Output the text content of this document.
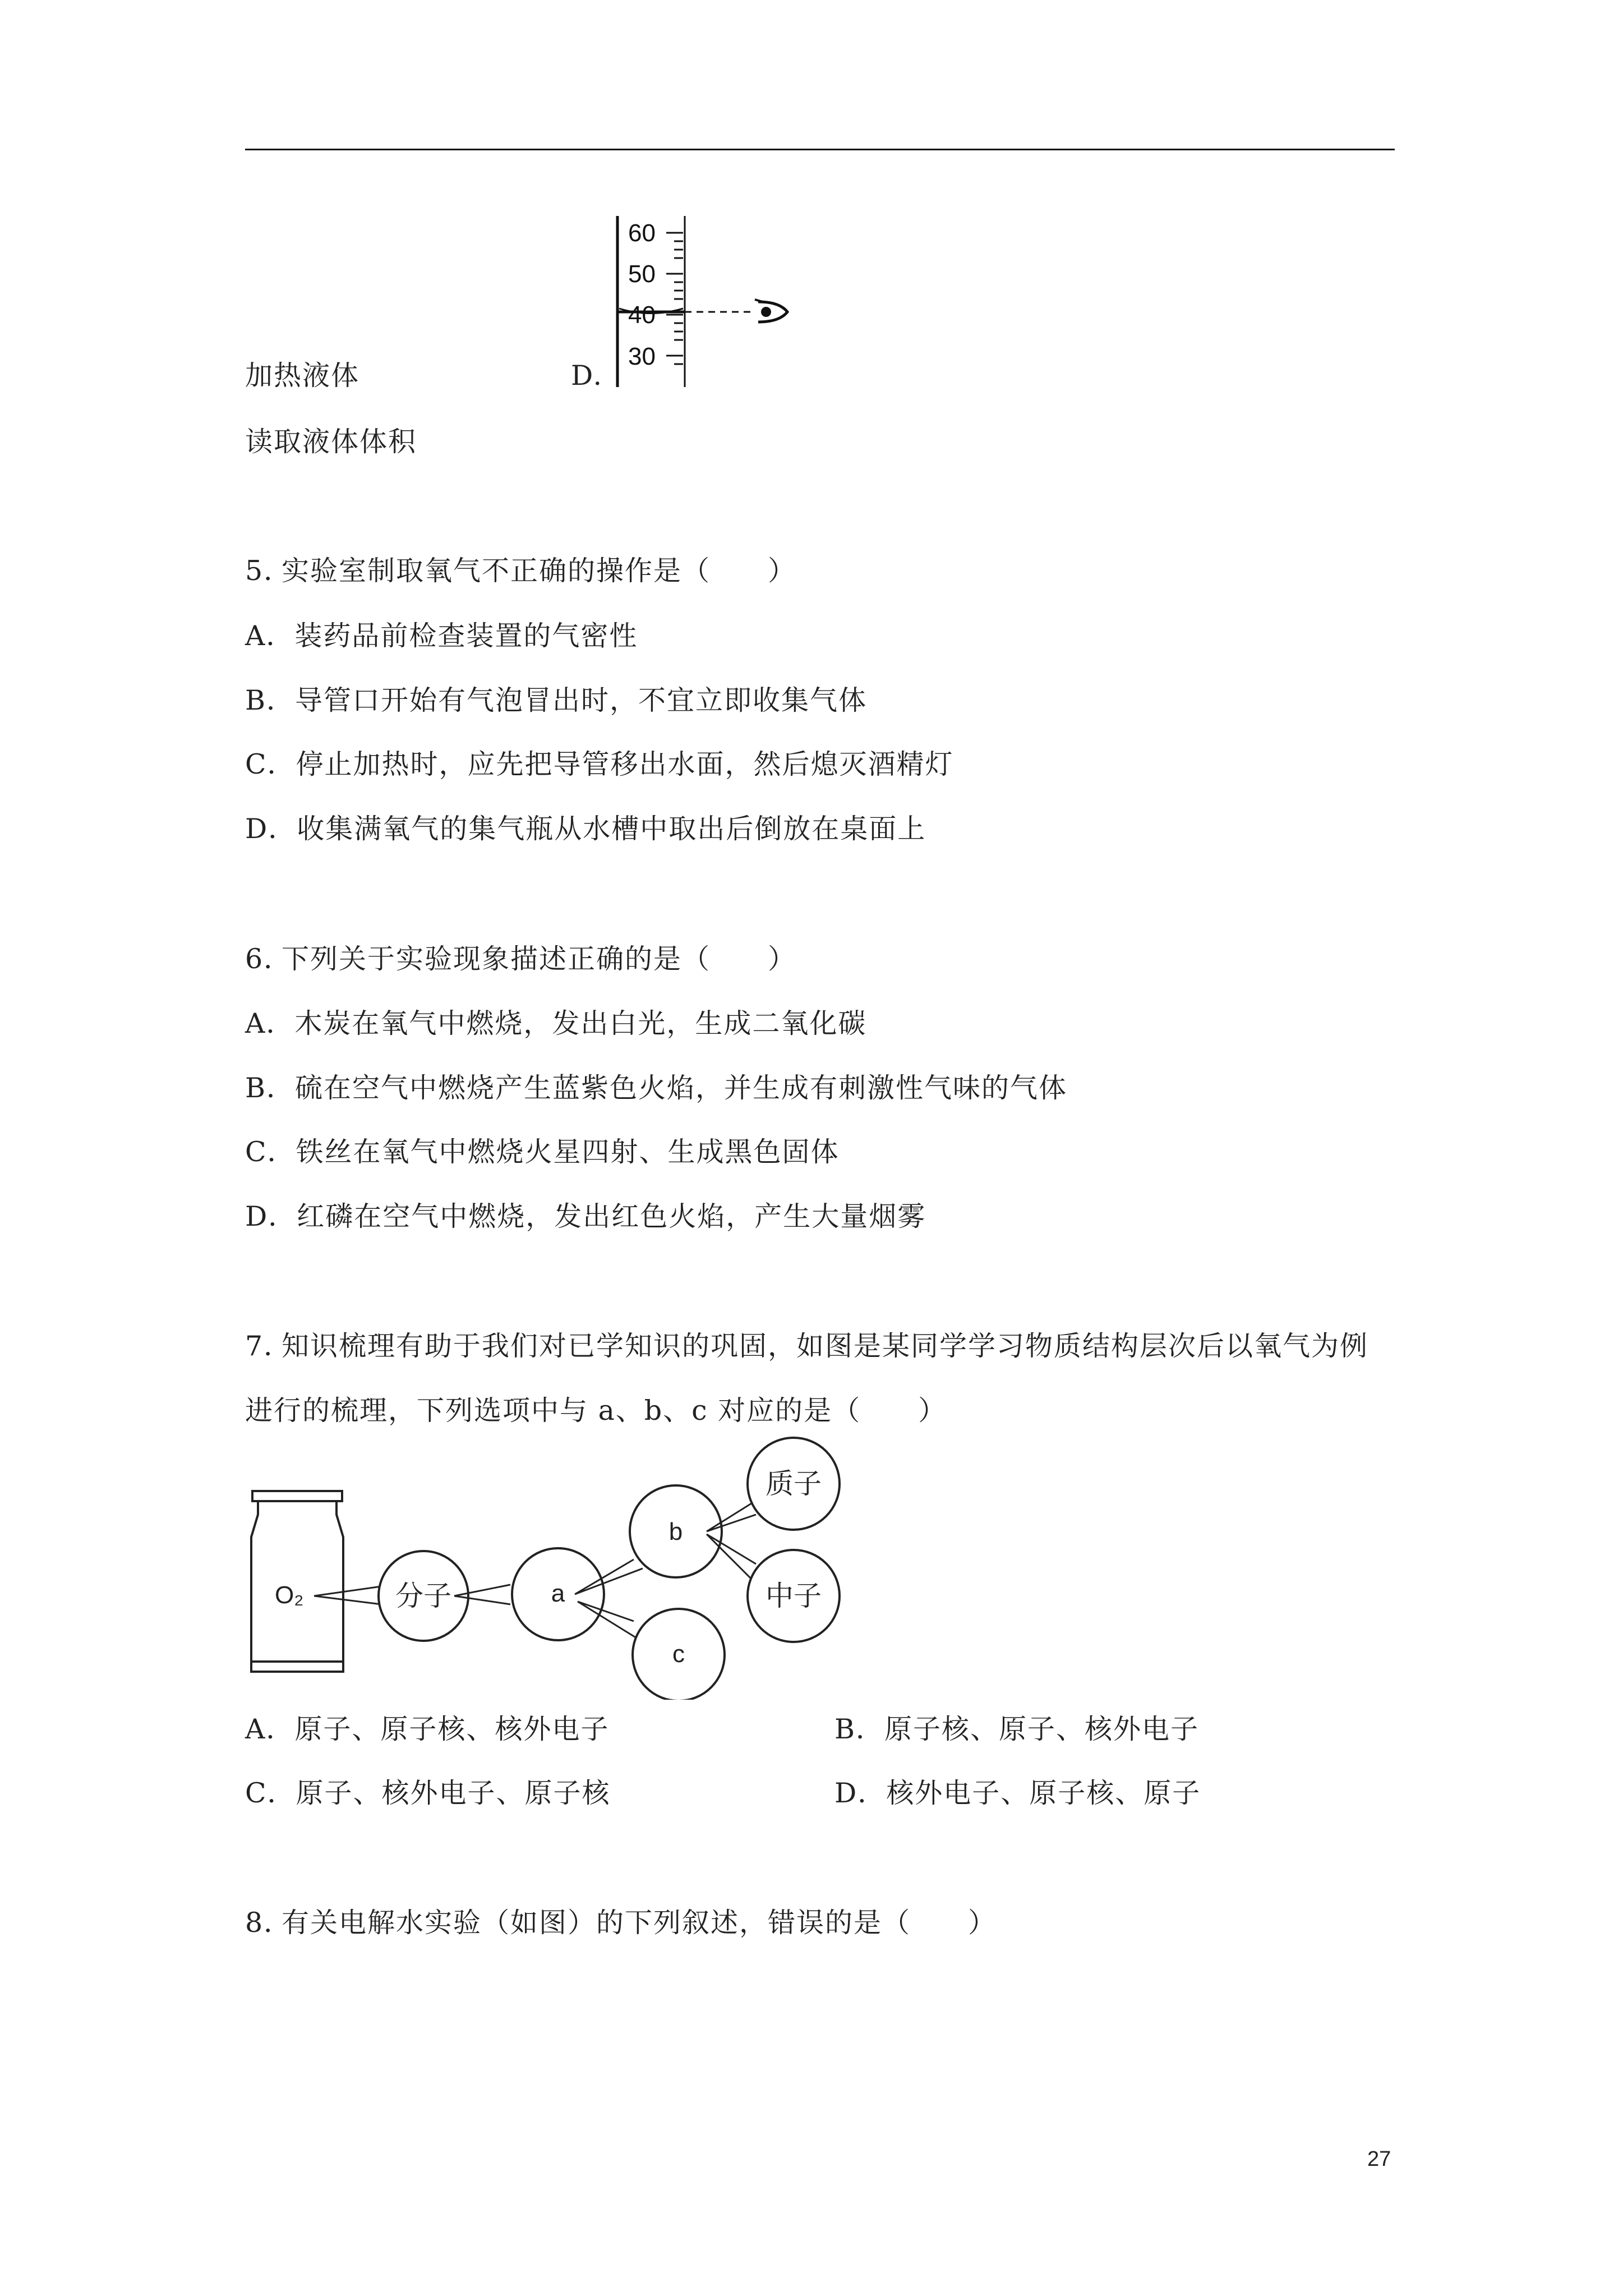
加热液体	D.
读取液体体积
60
50
40
30
5．
实验室制取氧气不正确的操作是（　　）
A．装药品前检查装置的气密性
B．导管口开始有气泡冒出时，不宜立即收集气体
C．停止加热时，应先把导管移出水面，然后熄灭酒精灯
D．收集满氧气的集气瓶从水槽中取出后倒放在桌面上
6．
下列关于实验现象描述正确的是（　　）
A．木炭在氧气中燃烧，发出白光，生成二氧化碳
B．硫在空气中燃烧产生蓝紫色火焰，并生成有刺激性气味的气体
C．铁丝在氧气中燃烧火星四射、生成黑色固体
D．红磷在空气中燃烧，发出红色火焰，产生大量烟雾
7．
知识梳理有助于我们对已学知识的巩固，如图是某同学学习物质结构层次后以氧气为例
进行的梳理，下列选项中与 a、b、c 对应的是（　　）
O₂	分子	a
b
c
质子
中子
A．原子、原子核、核外电子	B．原子核、原子、核外电子
C．原子、核外电子、原子核	D．核外电子、原子核、原子
8．
有关电解水实验（如图）的下列叙述，错误的是（　　）
27
